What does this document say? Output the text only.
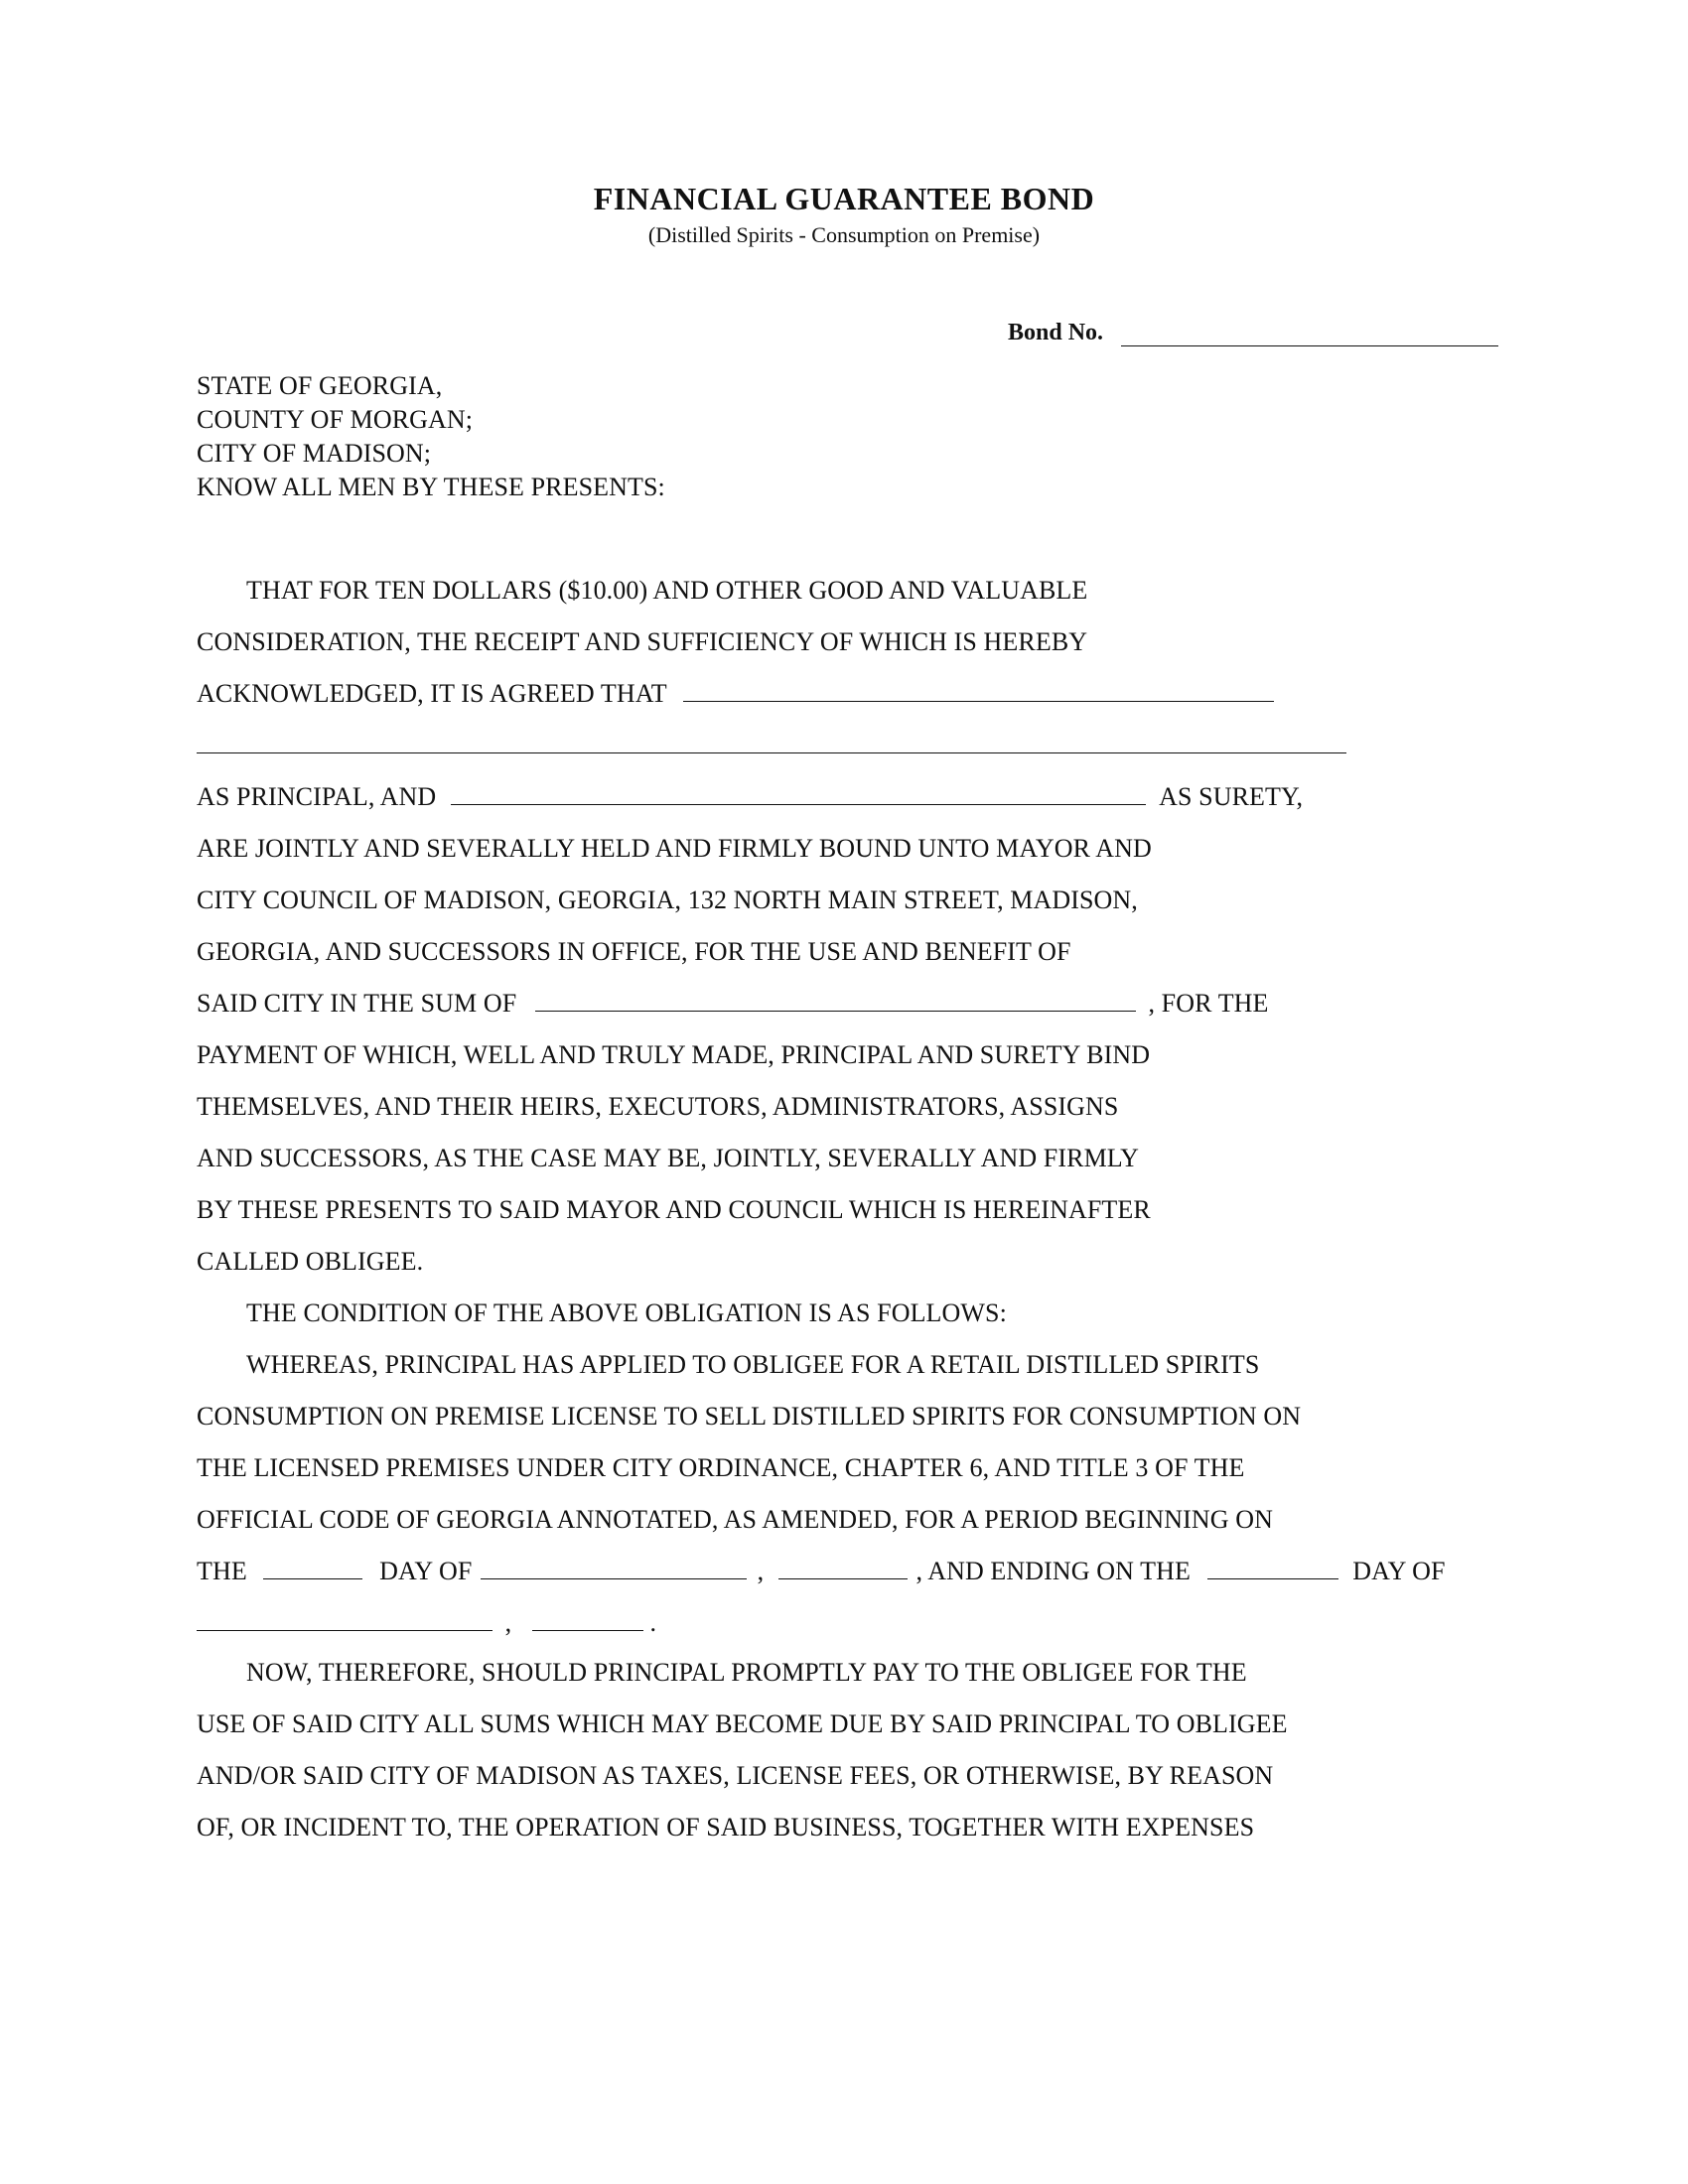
FINANCIAL GUARANTEE BOND
(Distilled Spirits - Consumption on Premise)
Bond No.
STATE OF GEORGIA,
COUNTY OF MORGAN;
CITY OF MADISON;
KNOW ALL MEN BY THESE PRESENTS:
THAT FOR TEN DOLLARS ($10.00) AND OTHER GOOD AND VALUABLE
CONSIDERATION, THE RECEIPT AND SUFFICIENCY OF WHICH IS HEREBY
ACKNOWLEDGED, IT IS AGREED THAT
AS PRINCIPAL, AND	AS SURETY,
ARE JOINTLY AND SEVERALLY HELD AND FIRMLY BOUND UNTO MAYOR AND
CITY COUNCIL OF MADISON, GEORGIA, 132 NORTH MAIN STREET, MADISON,
GEORGIA, AND SUCCESSORS IN OFFICE, FOR THE USE AND BENEFIT OF
SAID CITY IN THE SUM OF	, FOR THE
PAYMENT OF WHICH, WELL AND TRULY MADE, PRINCIPAL AND SURETY BIND
THEMSELVES, AND THEIR HEIRS, EXECUTORS, ADMINISTRATORS, ASSIGNS
AND SUCCESSORS, AS THE CASE MAY BE, JOINTLY, SEVERALLY AND FIRMLY
BY THESE PRESENTS TO SAID MAYOR AND COUNCIL WHICH IS HEREINAFTER
CALLED OBLIGEE.
THE CONDITION OF THE ABOVE OBLIGATION IS AS FOLLOWS:
WHEREAS, PRINCIPAL HAS APPLIED TO OBLIGEE FOR A RETAIL DISTILLED SPIRITS
CONSUMPTION ON PREMISE LICENSE TO SELL DISTILLED SPIRITS FOR CONSUMPTION ON
THE LICENSED PREMISES UNDER CITY ORDINANCE, CHAPTER 6, AND TITLE 3 OF THE
OFFICIAL CODE OF GEORGIA ANNOTATED, AS AMENDED, FOR A PERIOD BEGINNING ON
THE	DAY OF	,	, AND ENDING ON THE	DAY OF
,	.
NOW, THEREFORE, SHOULD PRINCIPAL PROMPTLY PAY TO THE OBLIGEE FOR THE
USE OF SAID CITY ALL SUMS WHICH MAY BECOME DUE BY SAID PRINCIPAL TO OBLIGEE
AND/OR SAID CITY OF MADISON AS TAXES, LICENSE FEES, OR OTHERWISE, BY REASON
OF, OR INCIDENT TO, THE OPERATION OF SAID BUSINESS, TOGETHER WITH EXPENSES
